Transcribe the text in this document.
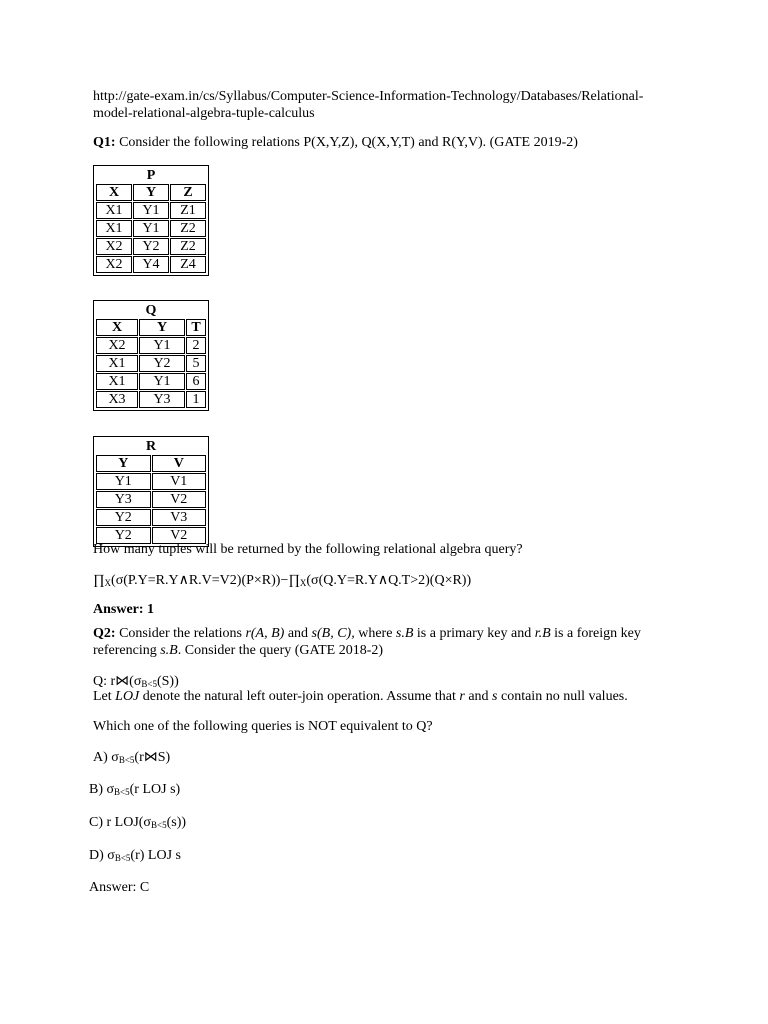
http://gate-exam.in/cs/Syllabus/Computer-Science-Information-Technology/Databases/Relational-
model-relational-algebra-tuple-calculus
Q1: Consider the following relations P(X,Y,Z), Q(X,Y,T) and R(Y,V). (GATE 2019-2)
P		
X	Y	Z
X1	Y1	Z1
X1	Y1	Z2
X2	Y2	Z2
X2	Y4	Z4
Q		
X	Y	T
X2	Y1	2
X1	Y2	5
X1	Y1	6
X3	Y3	1
R	
Y	V
Y1	V1
Y3	V2
Y2	V3
Y2	V2
How many tuples will be returned by the following relational algebra query?
$\prod_X(\sigma(P.Y=R.Y\wedge R.V=V2)(P\times R))-\prod_X(\sigma(Q.Y=R.Y\wedge Q.T>2)(Q\times R))$
Answer: 1
Q2: Consider the relations r(A, B) and s(B, C), where s.B is a primary key and r.B is a foreign key
referencing s.B. Consider the query (GATE 2018-2)
Q: $r⋈(\sigma_{B<5}(S))$
Let LOJ denote the natural left outer-join operation. Assume that r and s contain no null values.
Which one of the following queries is NOT equivalent to Q?
A) $\sigma_{B<5}(r⋈S)$
B) $\sigma_{B<5}(r$ LOJ s)
C) r $LOJ(\sigma_{B<5}(s))$
D) $\sigma_{B<5}(r)$ LOJ s
Answer: C
